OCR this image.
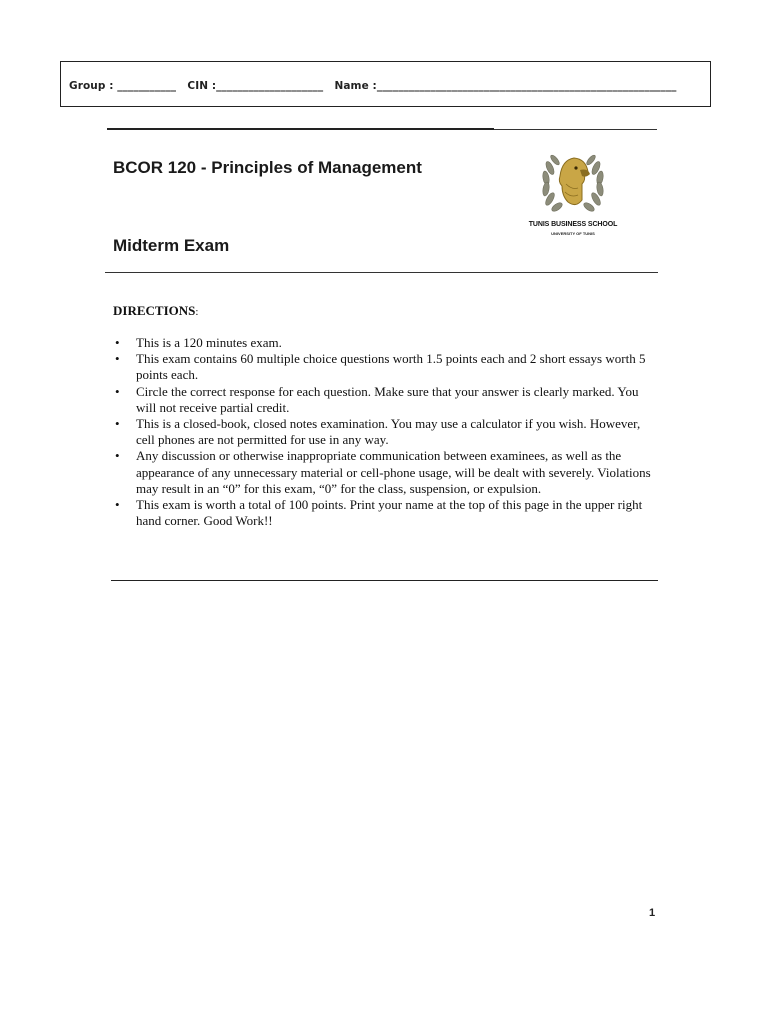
Group : ___________   CIN :____________________   Name :________________________________________________________
BCOR 120 - Principles of Management
Midterm Exam
TUNIS BUSINESS SCHOOL
UNIVERSITY OF TUNIS
DIRECTIONS:
• This is a 120 minutes exam.
• This exam contains 60 multiple choice questions worth 1.5 points each and 2 short essays worth 5 points each.
• Circle the correct response for each question. Make sure that your answer is clearly marked. You will not receive partial credit.
• This is a closed-book, closed notes examination. You may use a calculator if you wish. However, cell phones are not permitted for use in any way.
• Any discussion or otherwise inappropriate communication between examinees, as well as the appearance of any unnecessary material or cell-phone usage, will be dealt with severely. Violations may result in an “0” for this exam, “0” for the class, suspension, or expulsion.
• This exam is worth a total of 100 points. Print your name at the top of this page in the upper right hand corner. Good Work!!
1
